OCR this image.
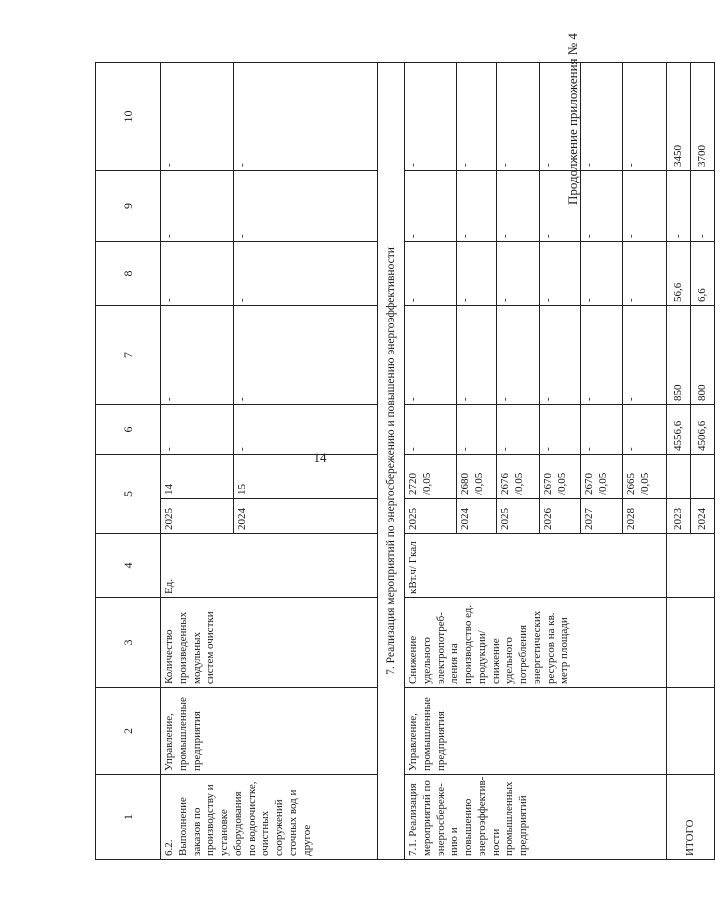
14
Продолжение приложения № 4
1	2	3	4	5		6	7	8	9	10
6.2. Выполнение заказов по производству и установке оборудования по водоочистке, очистных сооружений сточных вод и другое	Управление, промышленные предприятия	Количество произведенных модульных систем очистки	Ед.	2025	14	-	-	-	-	-
				2024	15	-	-	-	-	-
7. Реализация мероприятий по энергосбережению и повышению энергоэффективности										
7.1. Реализация мероприятий по энергосбереже-нию и повышению энергоэффектив-ности промышленных предприятий	Управление, промышленные предприятия	Снижение удельного электропотреб-ления на производство ед. продукции/ снижение удельного потребления энергетических ресурсов на кв. метр площади	кВт.ч/ Гкал	2025	2720 /0,05	-	-	-	-	-
				2024	2680 /0,05	-	-	-	-	-
				2025	2676 /0,05	-	-	-	-	-
				2026	2670 /0,05	-	-	-	-	-
				2027	2670 /0,05	-	-	-	-	-
				2028	2665 /0,05	-	-	-	-	-
ИТОГО				2023		4556,6	850	56,6	-	3450
				2024		4506,6	800	6,6	-	3700
